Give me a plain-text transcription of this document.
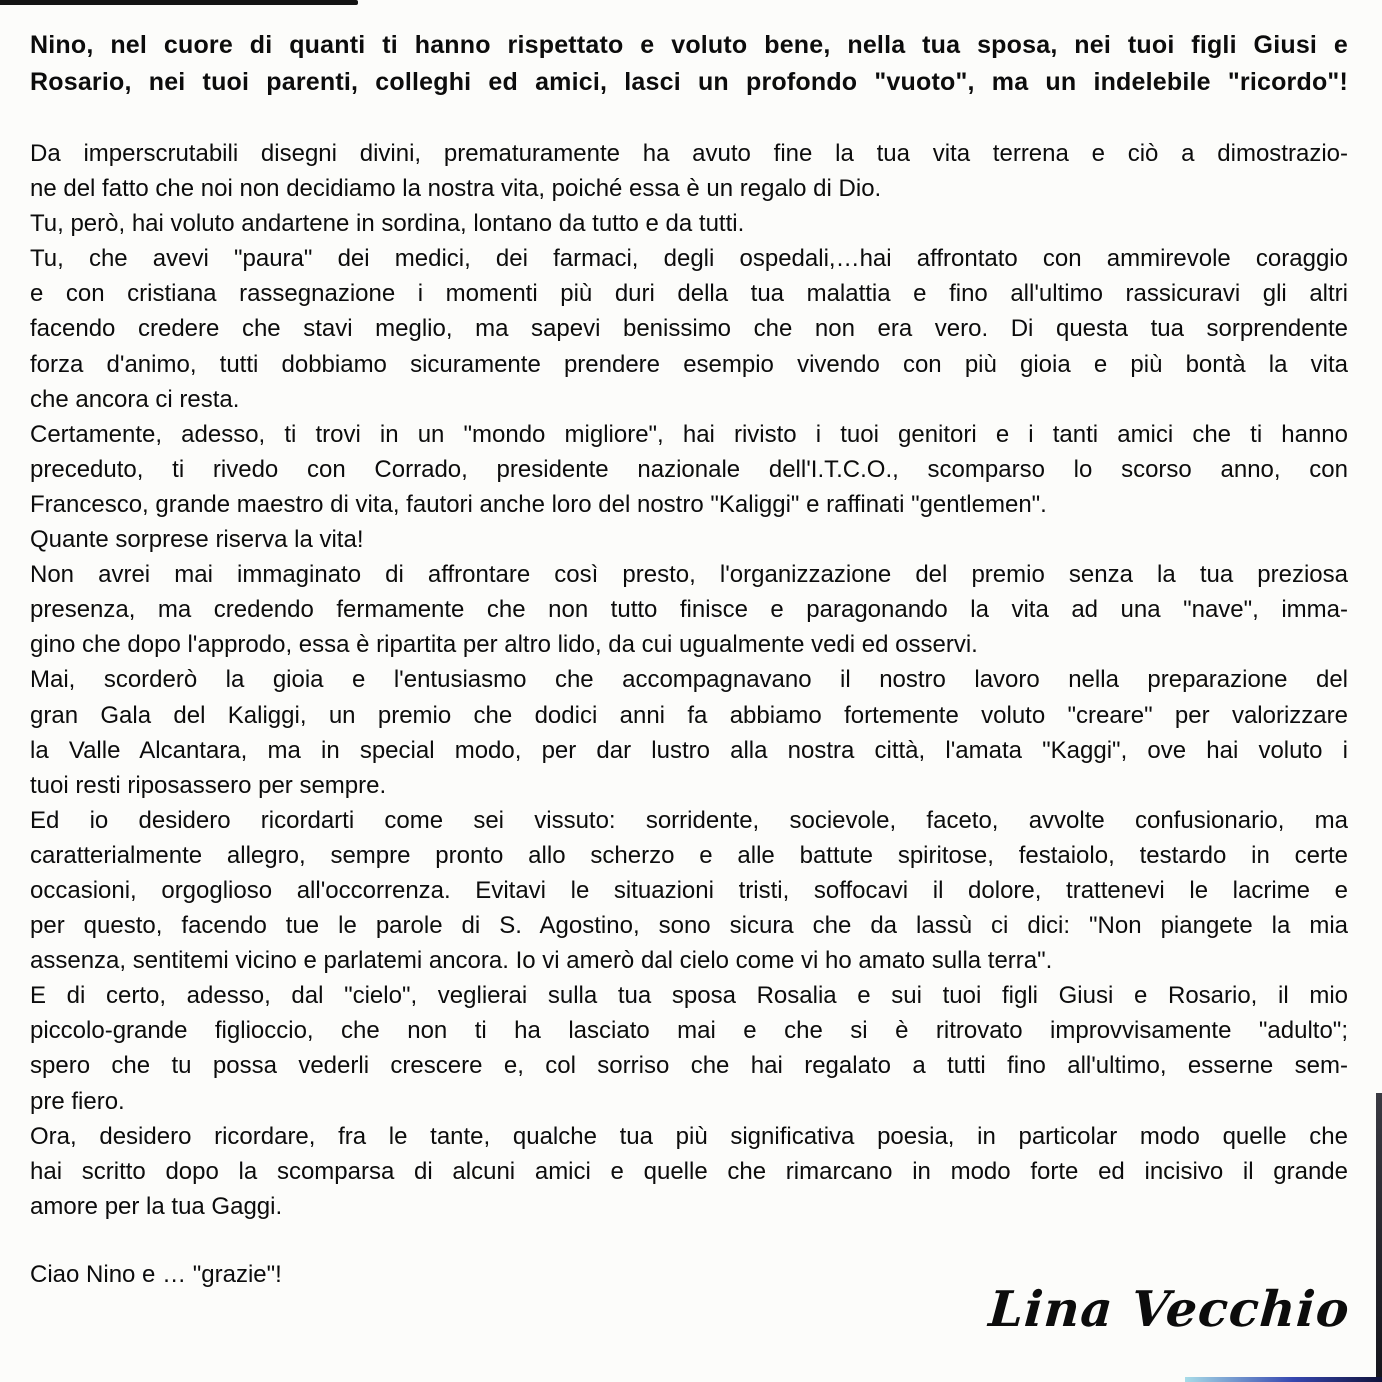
Nino, nel cuore di quanti ti hanno rispettato e voluto bene, nella tua sposa, nei tuoi figli Giusi e
Rosario, nei tuoi parenti, colleghi ed amici, lasci un profondo "vuoto", ma un indelebile "ricordo"!
Da imperscrutabili disegni divini, prematuramente ha avuto fine la tua vita terrena e ciò a dimostrazio-
ne del fatto che noi non decidiamo la nostra vita, poiché essa è un regalo di Dio.
Tu, però, hai voluto andartene in sordina, lontano da tutto e da tutti.
Tu, che avevi "paura" dei medici, dei farmaci, degli ospedali,…hai affrontato con ammirevole coraggio
e con cristiana rassegnazione i momenti più duri della tua malattia e fino all'ultimo rassicuravi gli altri
facendo credere che stavi meglio, ma sapevi benissimo che non era vero. Di questa tua sorprendente
forza d'animo, tutti dobbiamo sicuramente prendere esempio vivendo con più gioia e più bontà la vita
che ancora ci resta.
Certamente, adesso, ti trovi in un "mondo migliore", hai rivisto i tuoi genitori e i tanti amici che ti hanno
preceduto, ti rivedo con Corrado, presidente nazionale dell'I.T.C.O., scomparso lo scorso anno, con
Francesco, grande maestro di vita, fautori anche loro del nostro "Kaliggi" e raffinati "gentlemen".
Quante sorprese riserva la vita!
Non avrei mai immaginato di affrontare così presto, l'organizzazione del premio senza la tua preziosa
presenza, ma credendo fermamente che non tutto finisce e paragonando la vita ad una "nave", imma-
gino che dopo l'approdo, essa è ripartita per altro lido, da cui ugualmente vedi ed osservi.
Mai, scorderò la gioia e l'entusiasmo che accompagnavano il nostro lavoro nella preparazione del
gran Gala del Kaliggi, un premio che dodici anni fa abbiamo fortemente voluto "creare" per valorizzare
la Valle Alcantara, ma in special modo, per dar lustro alla nostra città, l'amata "Kaggi", ove hai voluto i
tuoi resti riposassero per sempre.
Ed io desidero ricordarti come sei vissuto: sorridente, socievole, faceto, avvolte confusionario, ma
caratterialmente allegro, sempre pronto allo scherzo e alle battute spiritose, festaiolo, testardo in certe
occasioni, orgoglioso all'occorrenza. Evitavi le situazioni tristi, soffocavi il dolore, trattenevi le lacrime e
per questo, facendo tue le parole di S. Agostino, sono sicura che da lassù ci dici: "Non piangete la mia
assenza, sentitemi vicino e parlatemi ancora. Io vi amerò dal cielo come vi ho amato sulla terra".
E di certo, adesso, dal "cielo", veglierai sulla tua sposa Rosalia e sui tuoi figli Giusi e Rosario, il mio
piccolo-grande figlioccio, che non ti ha lasciato mai e che si è ritrovato improvvisamente "adulto";
spero che tu possa vederli crescere e, col sorriso che hai regalato a tutti fino all'ultimo, esserne sem-
pre fiero.
Ora, desidero ricordare, fra le tante, qualche tua più significativa poesia, in particolar modo quelle che
hai scritto dopo la scomparsa di alcuni amici e quelle che rimarcano in modo forte ed incisivo il grande
amore per la tua Gaggi.
Ciao Nino e … "grazie"!
Lina Vecchio
